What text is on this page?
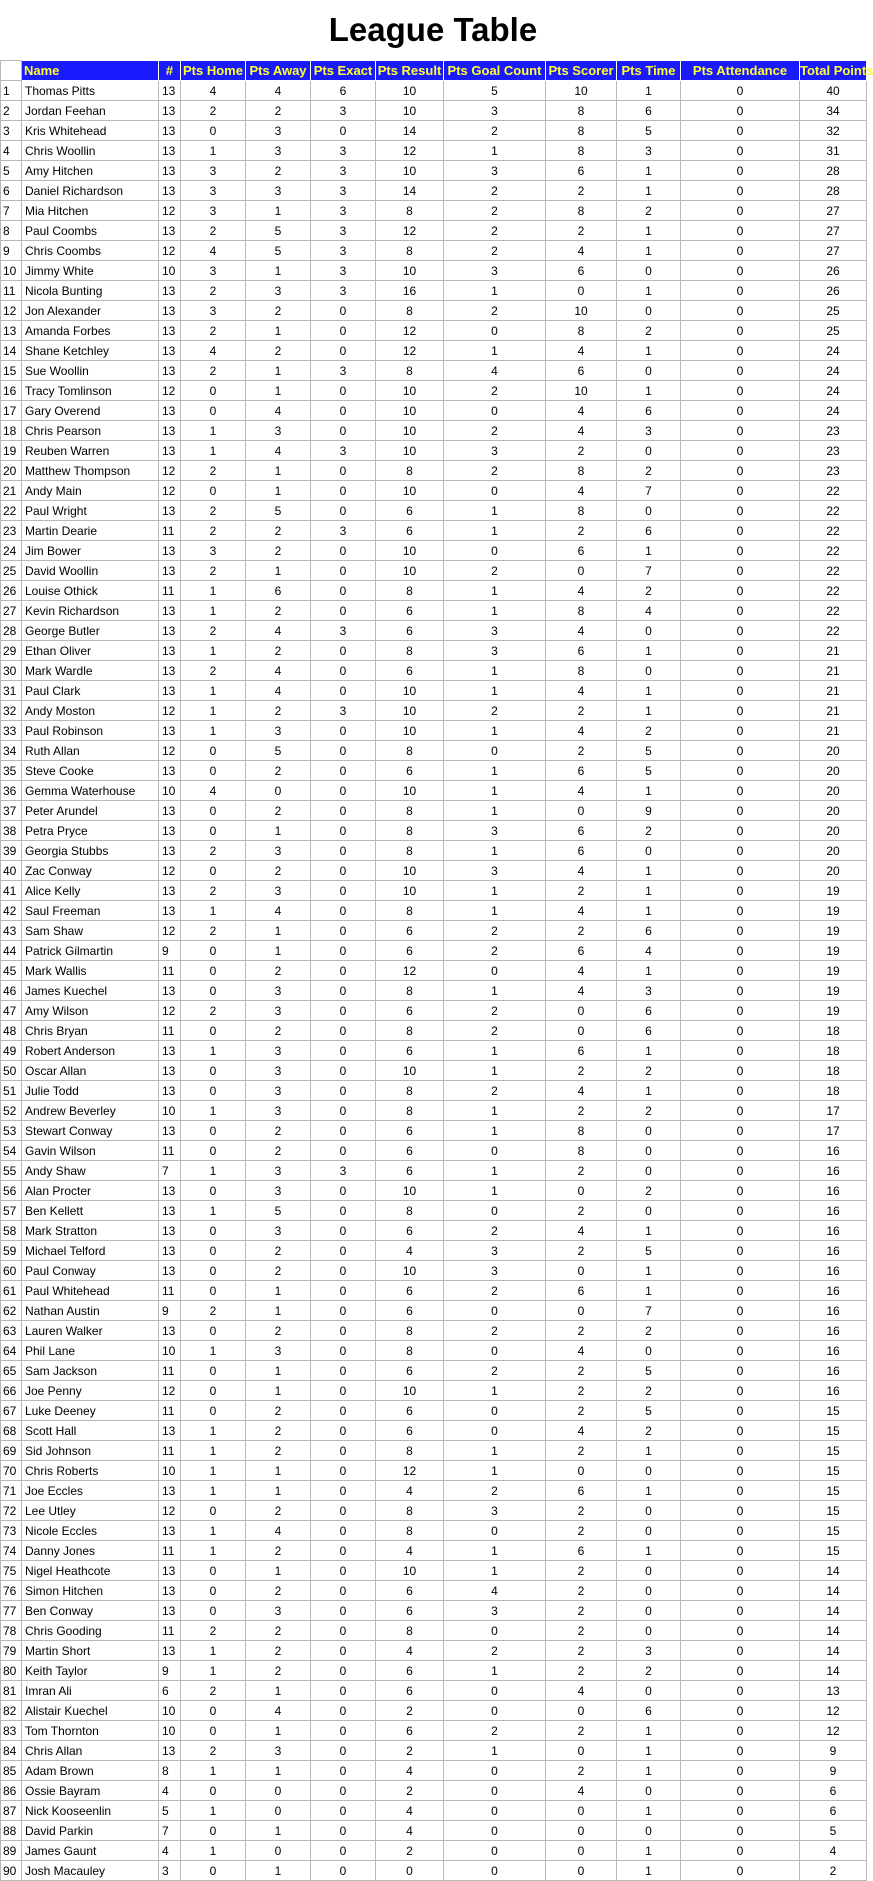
League Table
	Name	#	Pts Home	Pts Away	Pts Exact	Pts Result	Pts Goal Count	Pts Scorer	Pts Time	Pts Attendance	Total Points
1	Thomas Pitts	13	4	4	6	10	5	10	1	0	40
2	Jordan Feehan	13	2	2	3	10	3	8	6	0	34
3	Kris Whitehead	13	0	3	0	14	2	8	5	0	32
4	Chris Woollin	13	1	3	3	12	1	8	3	0	31
5	Amy Hitchen	13	3	2	3	10	3	6	1	0	28
6	Daniel Richardson	13	3	3	3	14	2	2	1	0	28
7	Mia Hitchen	12	3	1	3	8	2	8	2	0	27
8	Paul Coombs	13	2	5	3	12	2	2	1	0	27
9	Chris Coombs	12	4	5	3	8	2	4	1	0	27
10	Jimmy White	10	3	1	3	10	3	6	0	0	26
11	Nicola Bunting	13	2	3	3	16	1	0	1	0	26
12	Jon Alexander	13	3	2	0	8	2	10	0	0	25
13	Amanda Forbes	13	2	1	0	12	0	8	2	0	25
14	Shane Ketchley	13	4	2	0	12	1	4	1	0	24
15	Sue Woollin	13	2	1	3	8	4	6	0	0	24
16	Tracy Tomlinson	12	0	1	0	10	2	10	1	0	24
17	Gary Overend	13	0	4	0	10	0	4	6	0	24
18	Chris Pearson	13	1	3	0	10	2	4	3	0	23
19	Reuben Warren	13	1	4	3	10	3	2	0	0	23
20	Matthew Thompson	12	2	1	0	8	2	8	2	0	23
21	Andy Main	12	0	1	0	10	0	4	7	0	22
22	Paul Wright	13	2	5	0	6	1	8	0	0	22
23	Martin Dearie	11	2	2	3	6	1	2	6	0	22
24	Jim Bower	13	3	2	0	10	0	6	1	0	22
25	David Woollin	13	2	1	0	10	2	0	7	0	22
26	Louise Othick	11	1	6	0	8	1	4	2	0	22
27	Kevin Richardson	13	1	2	0	6	1	8	4	0	22
28	George Butler	13	2	4	3	6	3	4	0	0	22
29	Ethan Oliver	13	1	2	0	8	3	6	1	0	21
30	Mark Wardle	13	2	4	0	6	1	8	0	0	21
31	Paul Clark	13	1	4	0	10	1	4	1	0	21
32	Andy Moston	12	1	2	3	10	2	2	1	0	21
33	Paul Robinson	13	1	3	0	10	1	4	2	0	21
34	Ruth Allan	12	0	5	0	8	0	2	5	0	20
35	Steve Cooke	13	0	2	0	6	1	6	5	0	20
36	Gemma Waterhouse	10	4	0	0	10	1	4	1	0	20
37	Peter Arundel	13	0	2	0	8	1	0	9	0	20
38	Petra Pryce	13	0	1	0	8	3	6	2	0	20
39	Georgia Stubbs	13	2	3	0	8	1	6	0	0	20
40	Zac Conway	12	0	2	0	10	3	4	1	0	20
41	Alice Kelly	13	2	3	0	10	1	2	1	0	19
42	Saul Freeman	13	1	4	0	8	1	4	1	0	19
43	Sam Shaw	12	2	1	0	6	2	2	6	0	19
44	Patrick Gilmartin	9	0	1	0	6	2	6	4	0	19
45	Mark Wallis	11	0	2	0	12	0	4	1	0	19
46	James Kuechel	13	0	3	0	8	1	4	3	0	19
47	Amy Wilson	12	2	3	0	6	2	0	6	0	19
48	Chris Bryan	11	0	2	0	8	2	0	6	0	18
49	Robert Anderson	13	1	3	0	6	1	6	1	0	18
50	Oscar Allan	13	0	3	0	10	1	2	2	0	18
51	Julie Todd	13	0	3	0	8	2	4	1	0	18
52	Andrew Beverley	10	1	3	0	8	1	2	2	0	17
53	Stewart Conway	13	0	2	0	6	1	8	0	0	17
54	Gavin Wilson	11	0	2	0	6	0	8	0	0	16
55	Andy Shaw	7	1	3	3	6	1	2	0	0	16
56	Alan Procter	13	0	3	0	10	1	0	2	0	16
57	Ben Kellett	13	1	5	0	8	0	2	0	0	16
58	Mark Stratton	13	0	3	0	6	2	4	1	0	16
59	Michael Telford	13	0	2	0	4	3	2	5	0	16
60	Paul Conway	13	0	2	0	10	3	0	1	0	16
61	Paul Whitehead	11	0	1	0	6	2	6	1	0	16
62	Nathan Austin	9	2	1	0	6	0	0	7	0	16
63	Lauren Walker	13	0	2	0	8	2	2	2	0	16
64	Phil Lane	10	1	3	0	8	0	4	0	0	16
65	Sam Jackson	11	0	1	0	6	2	2	5	0	16
66	Joe Penny	12	0	1	0	10	1	2	2	0	16
67	Luke Deeney	11	0	2	0	6	0	2	5	0	15
68	Scott Hall	13	1	2	0	6	0	4	2	0	15
69	Sid Johnson	11	1	2	0	8	1	2	1	0	15
70	Chris Roberts	10	1	1	0	12	1	0	0	0	15
71	Joe Eccles	13	1	1	0	4	2	6	1	0	15
72	Lee Utley	12	0	2	0	8	3	2	0	0	15
73	Nicole Eccles	13	1	4	0	8	0	2	0	0	15
74	Danny Jones	11	1	2	0	4	1	6	1	0	15
75	Nigel Heathcote	13	0	1	0	10	1	2	0	0	14
76	Simon Hitchen	13	0	2	0	6	4	2	0	0	14
77	Ben Conway	13	0	3	0	6	3	2	0	0	14
78	Chris Gooding	11	2	2	0	8	0	2	0	0	14
79	Martin Short	13	1	2	0	4	2	2	3	0	14
80	Keith Taylor	9	1	2	0	6	1	2	2	0	14
81	Imran Ali	6	2	1	0	6	0	4	0	0	13
82	Alistair Kuechel	10	0	4	0	2	0	0	6	0	12
83	Tom Thornton	10	0	1	0	6	2	2	1	0	12
84	Chris Allan	13	2	3	0	2	1	0	1	0	9
85	Adam Brown	8	1	1	0	4	0	2	1	0	9
86	Ossie Bayram	4	0	0	0	2	0	4	0	0	6
87	Nick Kooseenlin	5	1	0	0	4	0	0	1	0	6
88	David Parkin	7	0	1	0	4	0	0	0	0	5
89	James Gaunt	4	1	0	0	2	0	0	1	0	4
90	Josh Macauley	3	0	1	0	0	0	0	1	0	2
